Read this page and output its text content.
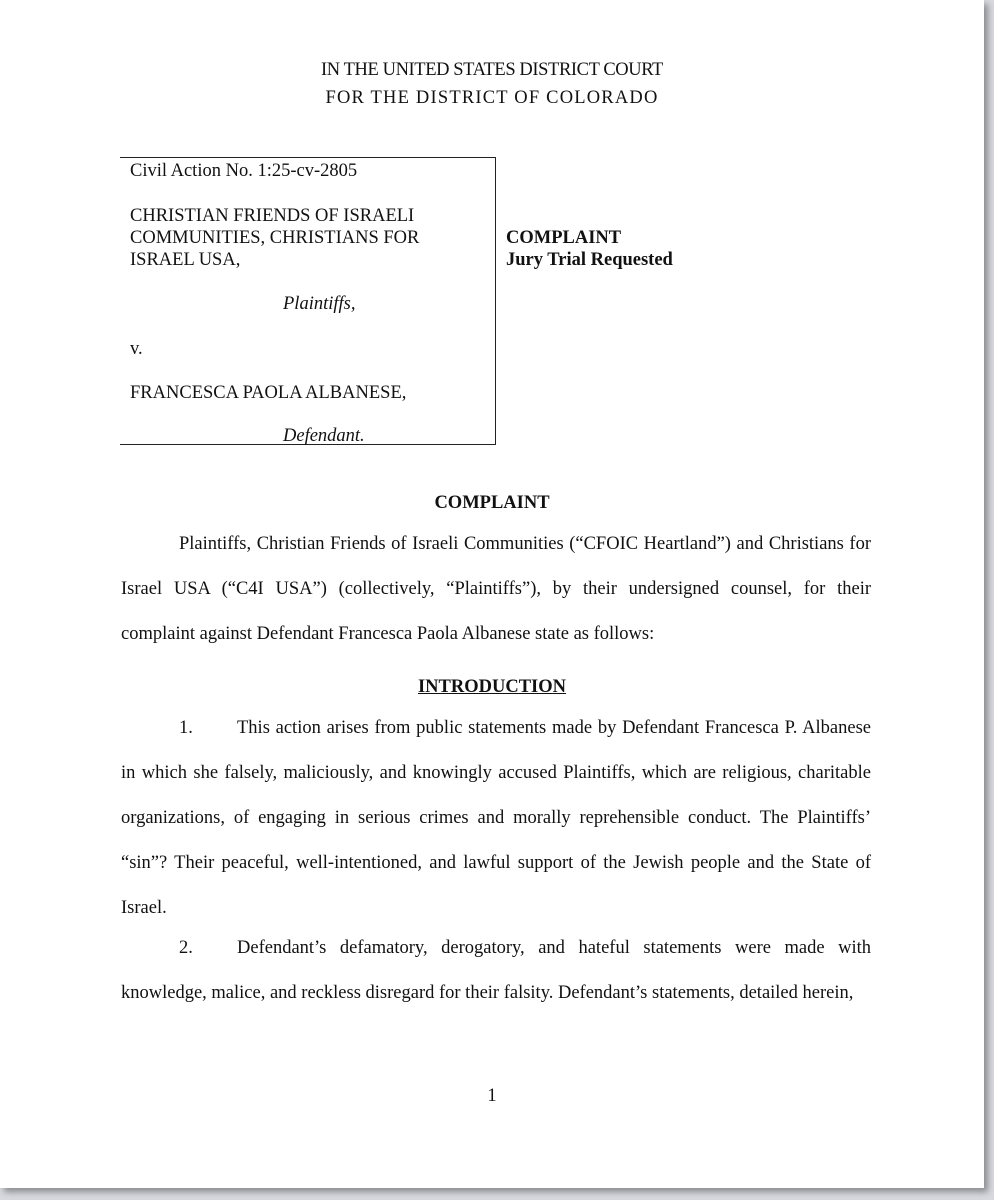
IN THE UNITED STATES DISTRICT COURT
FOR THE DISTRICT OF COLORADO
Civil Action No. 1:25-cv-2805
CHRISTIAN FRIENDS OF ISRAELI COMMUNITIES, CHRISTIANS FOR ISRAEL USA,
Plaintiffs,
v.
FRANCESCA PAOLA ALBANESE,
Defendant.
COMPLAINT
Jury Trial Requested
COMPLAINT
Plaintiffs, Christian Friends of Israeli Communities (“CFOIC Heartland”) and Christians for Israel USA (“C4I USA”) (collectively, “Plaintiffs”), by their undersigned counsel, for their complaint against Defendant Francesca Paola Albanese state as follows:
INTRODUCTION
1. This action arises from public statements made by Defendant Francesca P. Albanese in which she falsely, maliciously, and knowingly accused Plaintiffs, which are religious, charitable organizations, of engaging in serious crimes and morally reprehensible conduct. The Plaintiffs’ “sin”? Their peaceful, well-intentioned, and lawful support of the Jewish people and the State of Israel.
2. Defendant’s defamatory, derogatory, and hateful statements were made with knowledge, malice, and reckless disregard for their falsity. Defendant’s statements, detailed herein,
1
